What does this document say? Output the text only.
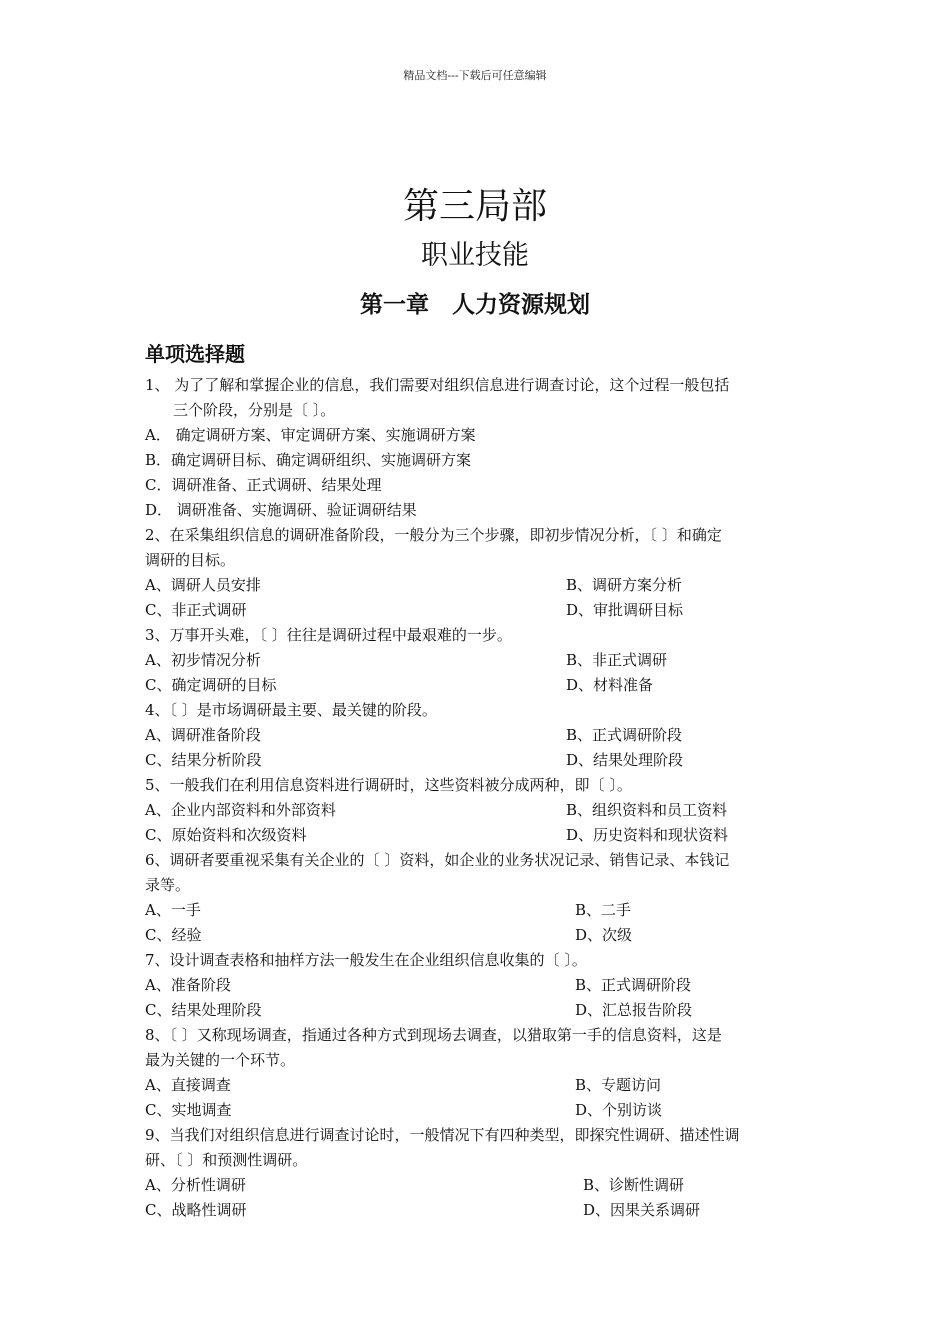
精品文档---下载后可任意编辑
第三局部
职业技能
第一章　人力资源规划
单项选择题
1、 为了了解和掌握企业的信息，我们需要对组织信息进行调查讨论，这个过程一般包括
三个阶段，分别是〔 〕。
A． 确定调研方案、审定调研方案、实施调研方案
B．确定调研目标、确定调研组织、实施调研方案
C．调研准备、正式调研、结果处理
D． 调研准备、实施调研、验证调研结果
2、在采集组织信息的调研准备阶段，一般分为三个步骤，即初步情况分析，〔 〕和确定
调研的目标。
A、调研人员安排	B、调研方案分析
C、非正式调研	D、审批调研目标
3、万事开头难，〔 〕往往是调研过程中最艰难的一步。
A、初步情况分析	B、非正式调研
C、确定调研的目标	D、材料准备
4、〔 〕是市场调研最主要、最关键的阶段。
A、调研准备阶段	B、正式调研阶段
C、结果分析阶段	D、结果处理阶段
5、一般我们在利用信息资料进行调研时，这些资料被分成两种，即〔 〕。
A、企业内部资料和外部资料	B、组织资料和员工资料
C、原始资料和次级资料	D、历史资料和现状资料
6、调研者要重视采集有关企业的〔 〕资料，如企业的业务状况记录、销售记录、本钱记
录等。
A、一手	B、二手
C、经验	D、次级
7、设计调查表格和抽样方法一般发生在企业组织信息收集的〔 〕。
A、准备阶段	B、正式调研阶段
C、结果处理阶段	D、汇总报告阶段
8、〔 〕又称现场调查，指通过各种方式到现场去调查，以猎取第一手的信息资料，这是
最为关键的一个环节。
A、直接调查	B、专题访问
C、实地调查	D、个别访谈
9、当我们对组织信息进行调查讨论时，一般情况下有四种类型，即探究性调研、描述性调
研、〔 〕和预测性调研。
A、分析性调研	B、诊断性调研
C、战略性调研	D、因果关系调研
